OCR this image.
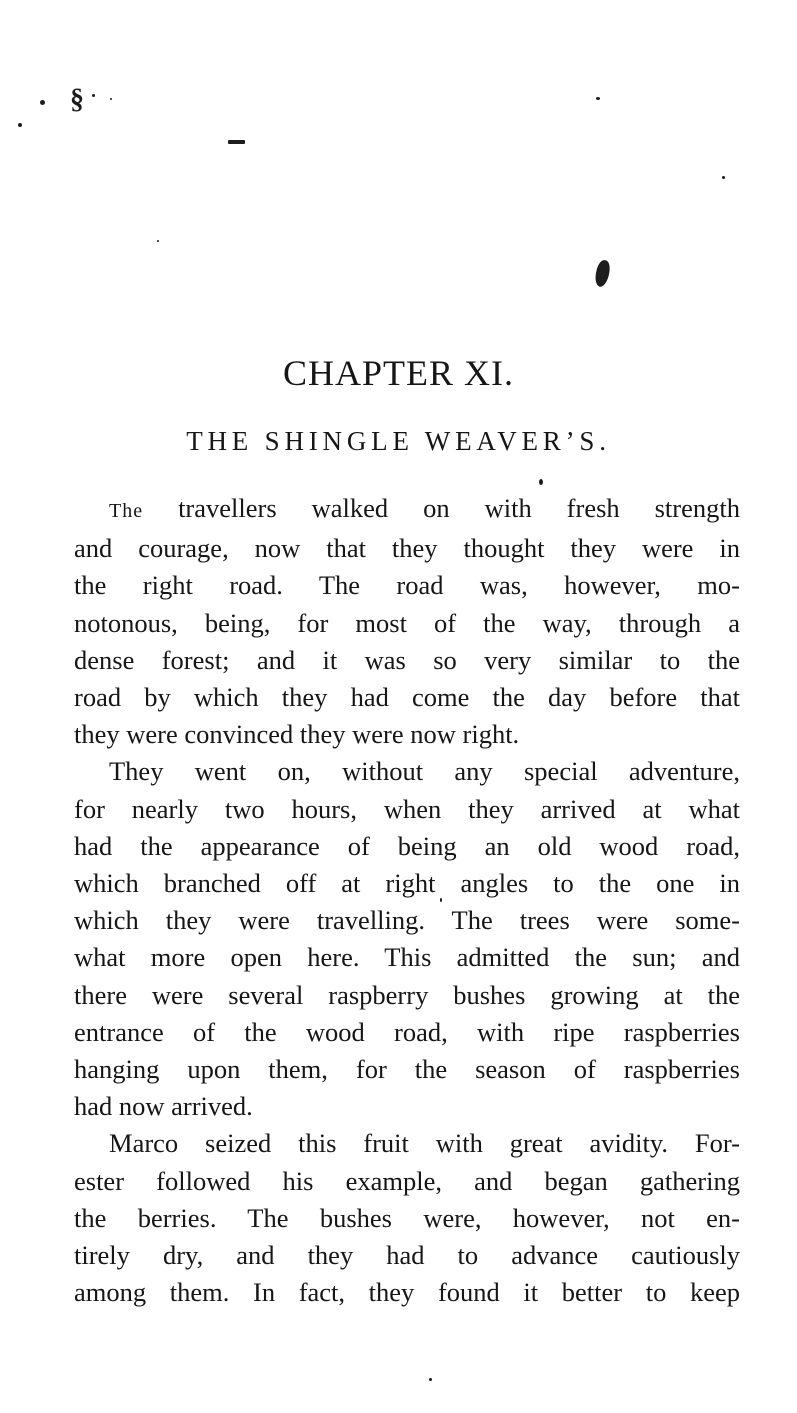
§
CHAPTER XI.
THE SHINGLE WEAVER’S.
The travellers walked on with fresh strength
and courage, now that they thought they were in
the right road. The road was, however, mo-
notonous, being, for most of the way, through a
dense forest; and it was so very similar to the
road by which they had come the day before that
they were convinced they were now right.
They went on, without any special adventure,
for nearly two hours, when they arrived at what
had the appearance of being an old wood road,
which branched off at right angles to the one in
which they were travelling. The trees were some-
what more open here. This admitted the sun; and
there were several raspberry bushes growing at the
entrance of the wood road, with ripe raspberries
hanging upon them, for the season of raspberries
had now arrived.
Marco seized this fruit with great avidity. For-
ester followed his example, and began gathering
the berries. The bushes were, however, not en-
tirely dry, and they had to advance cautiously
among them. In fact, they found it better to keep
